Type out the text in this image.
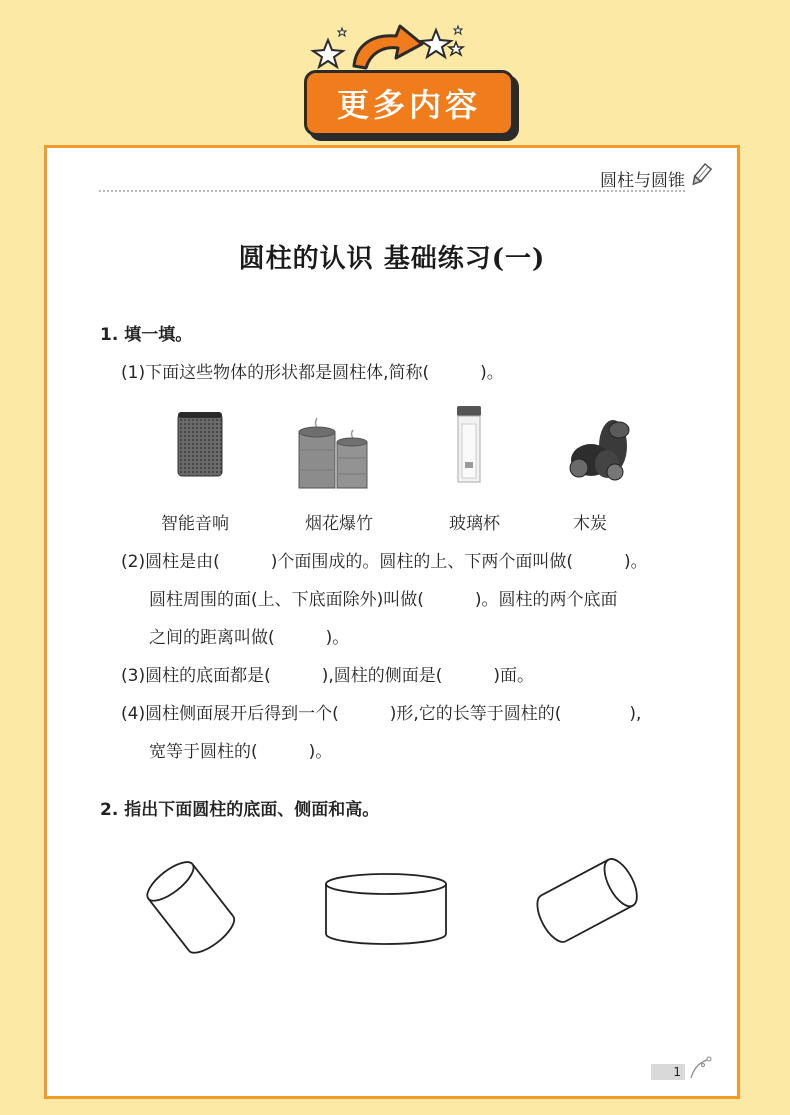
更多内容
圆柱与圆锥
圆柱的认识 基础练习(一)
1. 填一填。
(1)下面这些物体的形状都是圆柱体,简称(　　　)。
智能音响	烟花爆竹	玻璃杯	木炭
(2)圆柱是由(　　　)个面围成的。圆柱的上、下两个面叫做(　　　)。
圆柱周围的面(上、下底面除外)叫做(　　　)。圆柱的两个底面
之间的距离叫做(　　　)。
(3)圆柱的底面都是(　　　),圆柱的侧面是(　　　)面。
(4)圆柱侧面展开后得到一个(　　　)形,它的长等于圆柱的(　　　　),
宽等于圆柱的(　　　)。
2. 指出下面圆柱的底面、侧面和高。
1
